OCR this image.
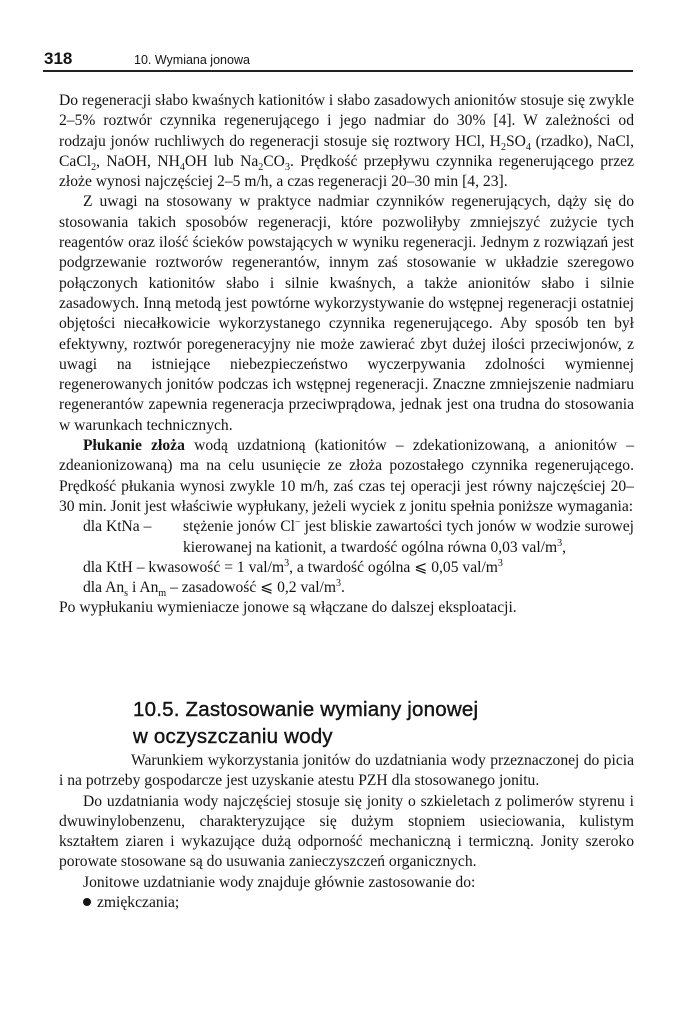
318	10. Wymiana jonowa

Do regeneracji słabo kwaśnych kationitów i słabo zasadowych anionitów stosuje się zwykle 2–5% roztwór czynnika regenerującego i jego nadmiar do 30% [4]. W zależności od rodzaju jonów ruchliwych do regeneracji stosuje się roztwory HCl, $H_2SO_4$ (rzadko), NaCl, CaCl$_2$, NaOH, $NH_4OH$ lub $Na_2CO_3$. Prędkość przepływu czynnika regenerującego przez złoże wynosi najczęściej 2–5 m/h, a czas regeneracji 20–30 min [4, 23].

Z uwagi na stosowany w praktyce nadmiar czynników regenerujących, dąży się do stosowania takich sposobów regeneracji, które pozwoliłyby zmniejszyć zużycie tych reagentów oraz ilość ścieków powstających w wyniku regeneracji. Jednym z rozwiązań jest podgrzewanie roztworów regenerantów, innym zaś stosowanie w układzie szeregowo połączonych kationitów słabo i silnie kwaśnych, a także anionitów słabo i silnie zasadowych. Inną metodą jest powtórne wykorzystywanie do wstępnej regeneracji ostatniej objętości niecałkowicie wykorzystanego czynnika regenerującego. Aby sposób ten był efektywny, roztwór poregeneracyjny nie może zawierać zbyt dużej ilości przeciwjonów, z uwagi na istniejące niebezpieczeństwo wyczerpywania zdolności wymiennej regenerowanych jonitów podczas ich wstępnej regeneracji. Znaczne zmniejszenie nadmiaru regenerantów zapewnia regeneracja przeciwprądowa, jednak jest ona trudna do stosowania w warunkach technicznych.

Płukanie złoża wodą uzdatnioną (kationitów – zdekationizowaną, a anionitów – zdeanionizowaną) ma na celu usunięcie ze złoża pozostałego czynnika regenerującego. Prędkość płukania wynosi zwykle 10 m/h, zaś czas tej operacji jest równy najczęściej 20–30 min. Jonit jest właściwie wypłukany, jeżeli wyciek z jonitu spełnia poniższe wymagania:

dla KtNa – stężenie jonów Cl− jest bliskie zawartości tych jonów w wodzie surowej kierowanej na kationit, a twardość ogólna równa 0,03 val/$m^3$,
dla KtH – kwasowość = 1 val/$m^3$, a twardość ogólna ⩽ 0,05 val/$m^3$
dla $An_s$ i $An_m$ – zasadowość ⩽ 0,2 val/$m^3$.

Po wypłukaniu wymieniacze jonowe są włączane do dalszej eksploatacji.

10.5. Zastosowanie wymiany jonowej
w oczyszczaniu wody

Warunkiem wykorzystania jonitów do uzdatniania wody przeznaczonej do picia i na potrzeby gospodarcze jest uzyskanie atestu PZH dla stosowanego jonitu.

Do uzdatniania wody najczęściej stosuje się jonity o szkieletach z polimerów styrenu i dwuwinylobenzenu, charakteryzujące się dużym stopniem usieciowania, kulistym kształtem ziaren i wykazujące dużą odporność mechaniczną i termiczną. Jonity szeroko porowate stosowane są do usuwania zanieczyszczeń organicznych.

Jonitowe uzdatnianie wody znajduje głównie zastosowanie do:

zmiękczania;
